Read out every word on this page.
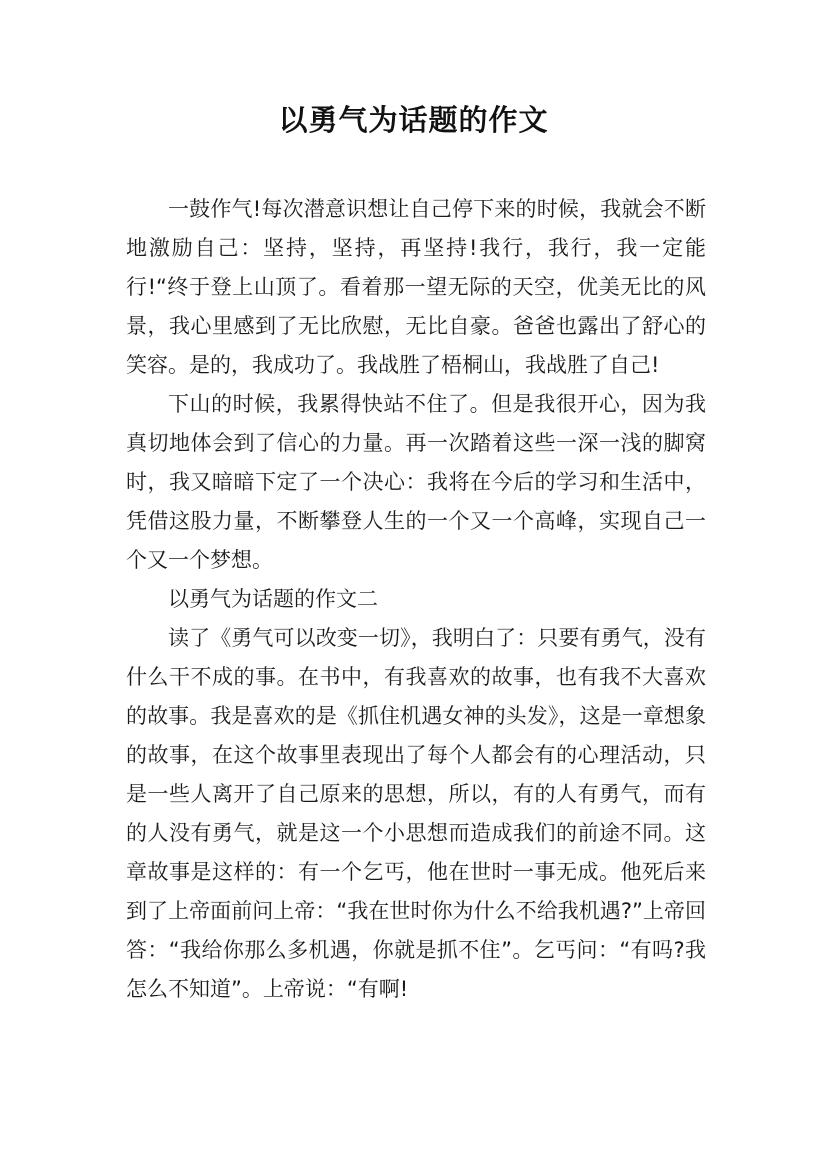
以勇气为话题的作文

一鼓作气!每次潜意识想让自己停下来的时候，我就会不断地激励自己：坚持，坚持，再坚持!我行，我行，我一定能行!“终于登上山顶了。看着那一望无际的天空，优美无比的风景，我心里感到了无比欣慰，无比自豪。爸爸也露出了舒心的笑容。是的，我成功了。我战胜了梧桐山，我战胜了自己!

下山的时候，我累得快站不住了。但是我很开心，因为我真切地体会到了信心的力量。再一次踏着这些一深一浅的脚窝时，我又暗暗下定了一个决心：我将在今后的学习和生活中，凭借这股力量，不断攀登人生的一个又一个高峰，实现自己一个又一个梦想。

以勇气为话题的作文二

读了《勇气可以改变一切》，我明白了：只要有勇气，没有什么干不成的事。在书中，有我喜欢的故事，也有我不大喜欢的故事。我是喜欢的是《抓住机遇女神的头发》，这是一章想象的故事，在这个故事里表现出了每个人都会有的心理活动，只是一些人离开了自己原来的思想，所以，有的人有勇气，而有的人没有勇气，就是这一个小思想而造成我们的前途不同。这章故事是这样的：有一个乞丐，他在世时一事无成。他死后来到了上帝面前问上帝：“我在世时你为什么不给我机遇?”上帝回答：“我给你那么多机遇，你就是抓不住”。乞丐问：“有吗?我怎么不知道”。上帝说：“有啊!
